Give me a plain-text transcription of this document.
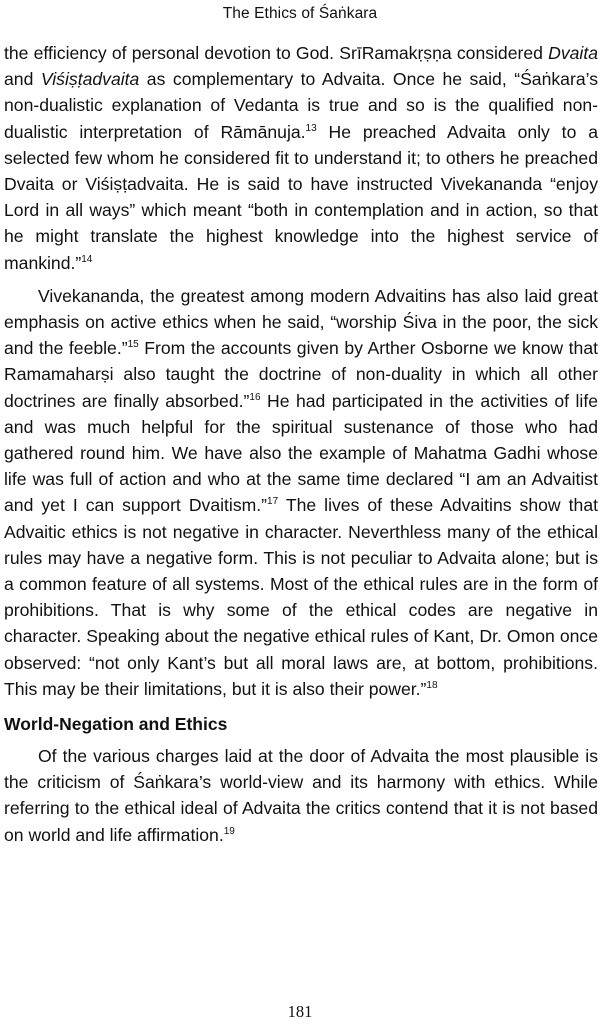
The Ethics of Śaṅkara

the efficiency of personal devotion to God. SrīRamakṛṣṇa considered Dvaita and Viśiṣṭadvaita as complementary to Advaita. Once he said, “Śaṅkara’s non-dualistic explanation of Vedanta is true and so is the qualified non-dualistic interpretation of Rāmānuja.$^{13}$ He preached Advaita only to a selected few whom he considered fit to understand it; to others he preached Dvaita or Viśiṣṭadvaita. He is said to have instructed Vivekananda “enjoy Lord in all ways” which meant “both in contemplation and in action, so that he might translate the highest knowledge into the highest service of mankind.”$^{14}$

Vivekananda, the greatest among modern Advaitins has also laid great emphasis on active ethics when he said, “worship Śiva in the poor, the sick and the feeble.”$^{15}$ From the accounts given by Arther Osborne we know that Ramamaharṣi also taught the doctrine of non-duality in which all other doctrines are finally absorbed.”$^{16}$ He had participated in the activities of life and was much helpful for the spiritual sustenance of those who had gathered round him. We have also the example of Mahatma Gadhi whose life was full of action and who at the same time declared “I am an Advaitist and yet I can support Dvaitism.”$^{17}$ The lives of these Advaitins show that Advaitic ethics is not negative in character. Neverthless many of the ethical rules may have a negative form. This is not peculiar to Advaita alone; but is a common feature of all systems. Most of the ethical rules are in the form of prohibitions. That is why some of the ethical codes are negative in character. Speaking about the negative ethical rules of Kant, Dr. Omon once observed: “not only Kant’s but all moral laws are, at bottom, prohibitions. This may be their limitations, but it is also their power.”$^{18}$

World-Negation and Ethics

Of the various charges laid at the door of Advaita the most plausible is the criticism of Śaṅkara’s world-view and its harmony with ethics. While referring to the ethical ideal of Advaita the critics contend that it is not based on world and life affirmation.$^{19}$

181
